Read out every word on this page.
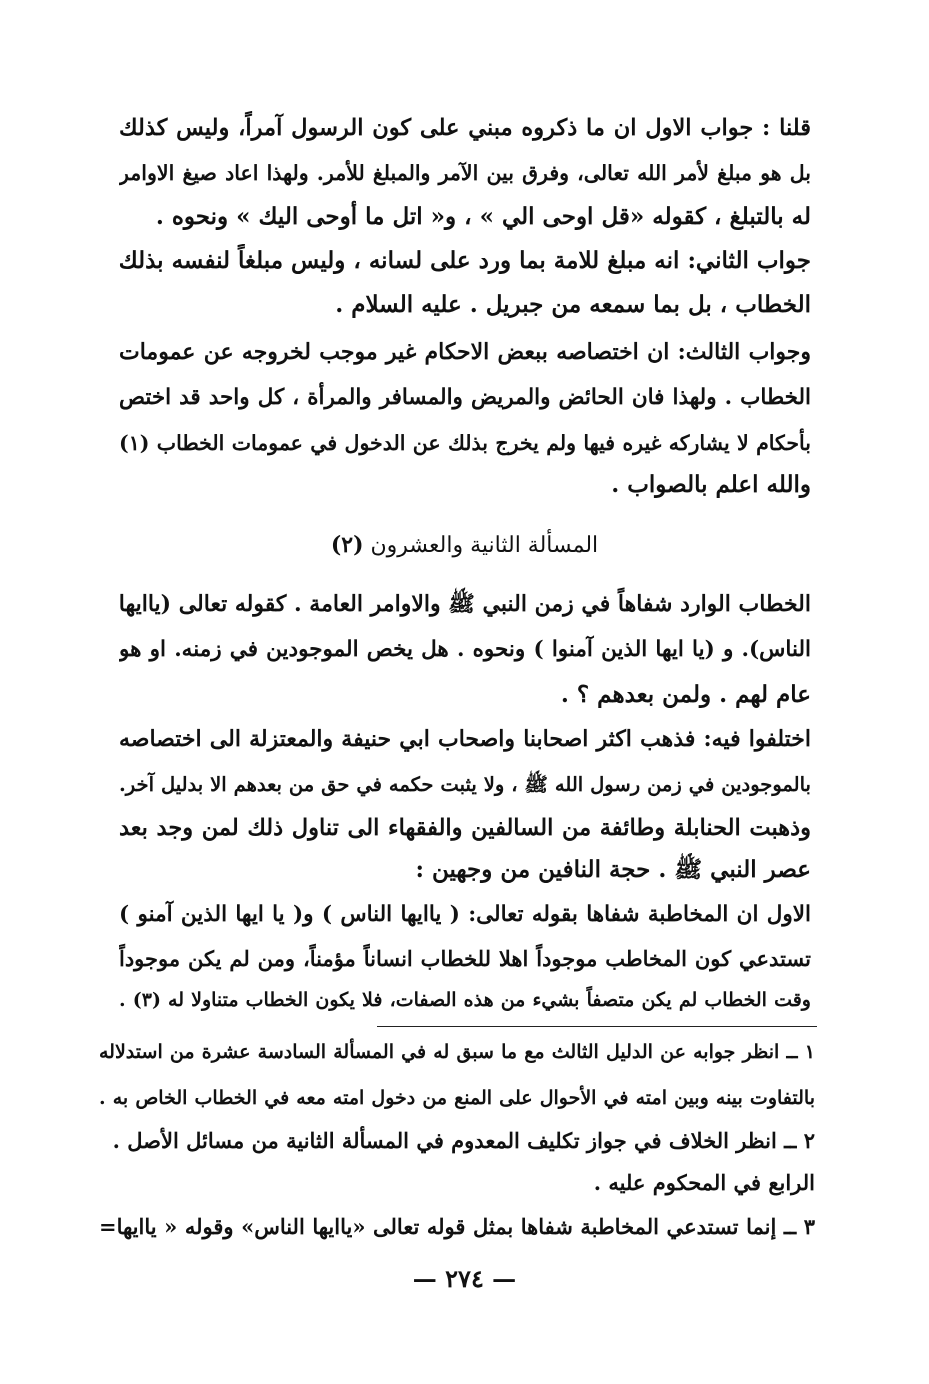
قلنا : جواب الاول ان ما ذكروه مبني على كون الرسول آمراً، وليس كذلك
بل هو مبلغ لأمر الله تعالى، وفرق بين الآمر والمبلغ للأمر. ولهذا اعاد صيغ الاوامر
له بالتبلغ ، كقوله «قل اوحى الي » ، و« اتل ما أوحى اليك » ونحوه .
جواب الثاني: انه مبلغ للامة بما ورد على لسانه ، وليس مبلغاً لنفسه بذلك
الخطاب ، بل بما سمعه من جبريل . عليه السلام .
وجواب الثالث: ان اختصاصه ببعض الاحكام غير موجب لخروجه عن عمومات
الخطاب . ولهذا فان الحائض والمريض والمسافر والمرأة ، كل واحد قد اختص
بأحكام لا يشاركه غيره فيها ولم يخرج بذلك عن الدخول في عمومات الخطاب (١)
والله اعلم بالصواب .
المسألة الثانية والعشرون (٢)
الخطاب الوارد شفاهاً في زمن النبي ﷺ والاوامر العامة . كقوله تعالى (ياايها
الناس). و (يا ايها الذين آمنوا ) ونحوه . هل يخص الموجودين في زمنه. او هو
عام لهم . ولمن بعدهم ؟ .
اختلفوا فيه: فذهب اكثر اصحابنا واصحاب ابي حنيفة والمعتزلة الى اختصاصه
بالموجودين في زمن رسول الله ﷺ ، ولا يثبت حكمه في حق من بعدهم الا بدليل آخر.
وذهبت الحنابلة وطائفة من السالفين والفقهاء الى تناول ذلك لمن وجد بعد
عصر النبي ﷺ . حجة النافين من وجهين :
الاول ان المخاطبة شفاها بقوله تعالى: ( ياايها الناس ) و( يا ايها الذين آمنو )
تستدعي كون المخاطب موجوداً اهلا للخطاب انساناً مؤمناً، ومن لم يكن موجوداً
وقت الخطاب لم يكن متصفاً بشيء من هذه الصفات، فلا يكون الخطاب متناولا له (٣) .
١ ــ انظر جوابه عن الدليل الثالث مع ما سبق له في المسألة السادسة عشرة من استدلاله
بالتفاوت بينه وبين امته في الأحوال على المنع من دخول امته معه في الخطاب الخاص به .
٢ ــ انظر الخلاف في جواز تكليف المعدوم في المسألة الثانية من مسائل الأصل .
الرابع في المحكوم عليه .
٣ ــ إنما تستدعي المخاطبة شفاها بمثل قوله تعالى «ياايها الناس» وقوله « ياايها=
— ٢٧٤ —
